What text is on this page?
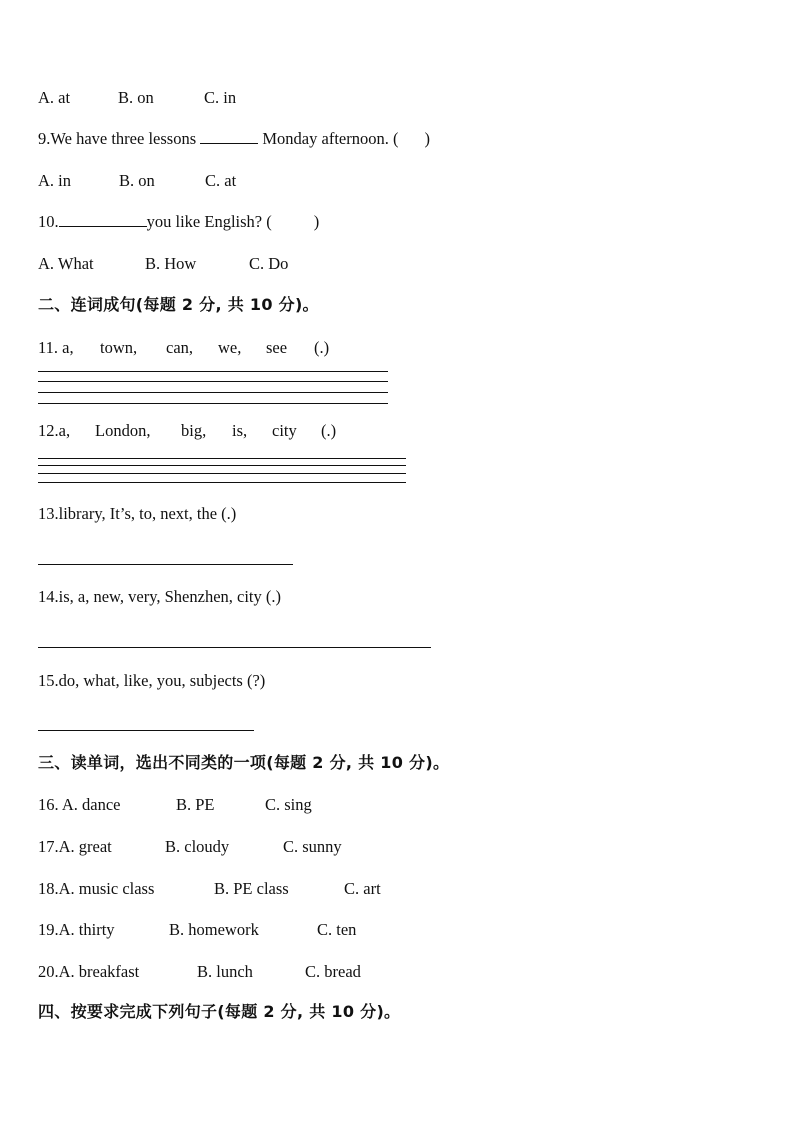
A. at	B. on	C. in
9.We have three lessons	Monday afternoon. ( )
A. in	B. on	C. at
10.	you like English? (	)
A. What	B. How	C. Do
二、连词成句(每题 2 分, 共 10 分)。
11. a, town, can, we, see (.)
12.a, London, big, is, city (.)
13.library, It’s, to, next, the (.)
14.is, a, new, very, Shenzhen, city (.)
15.do, what, like, you, subjects (?)
三、读单词，选出不同类的一项(每题 2 分, 共 10 分)。
16. A. dance	B. PE	C. sing
17.A. great	B. cloudy	C. sunny
18.A. music class	B. PE class	C. art
19.A. thirty	B. homework	C. ten
20.A. breakfast	B. lunch	C. bread
四、按要求完成下列句子(每题 2 分, 共 10 分)。
